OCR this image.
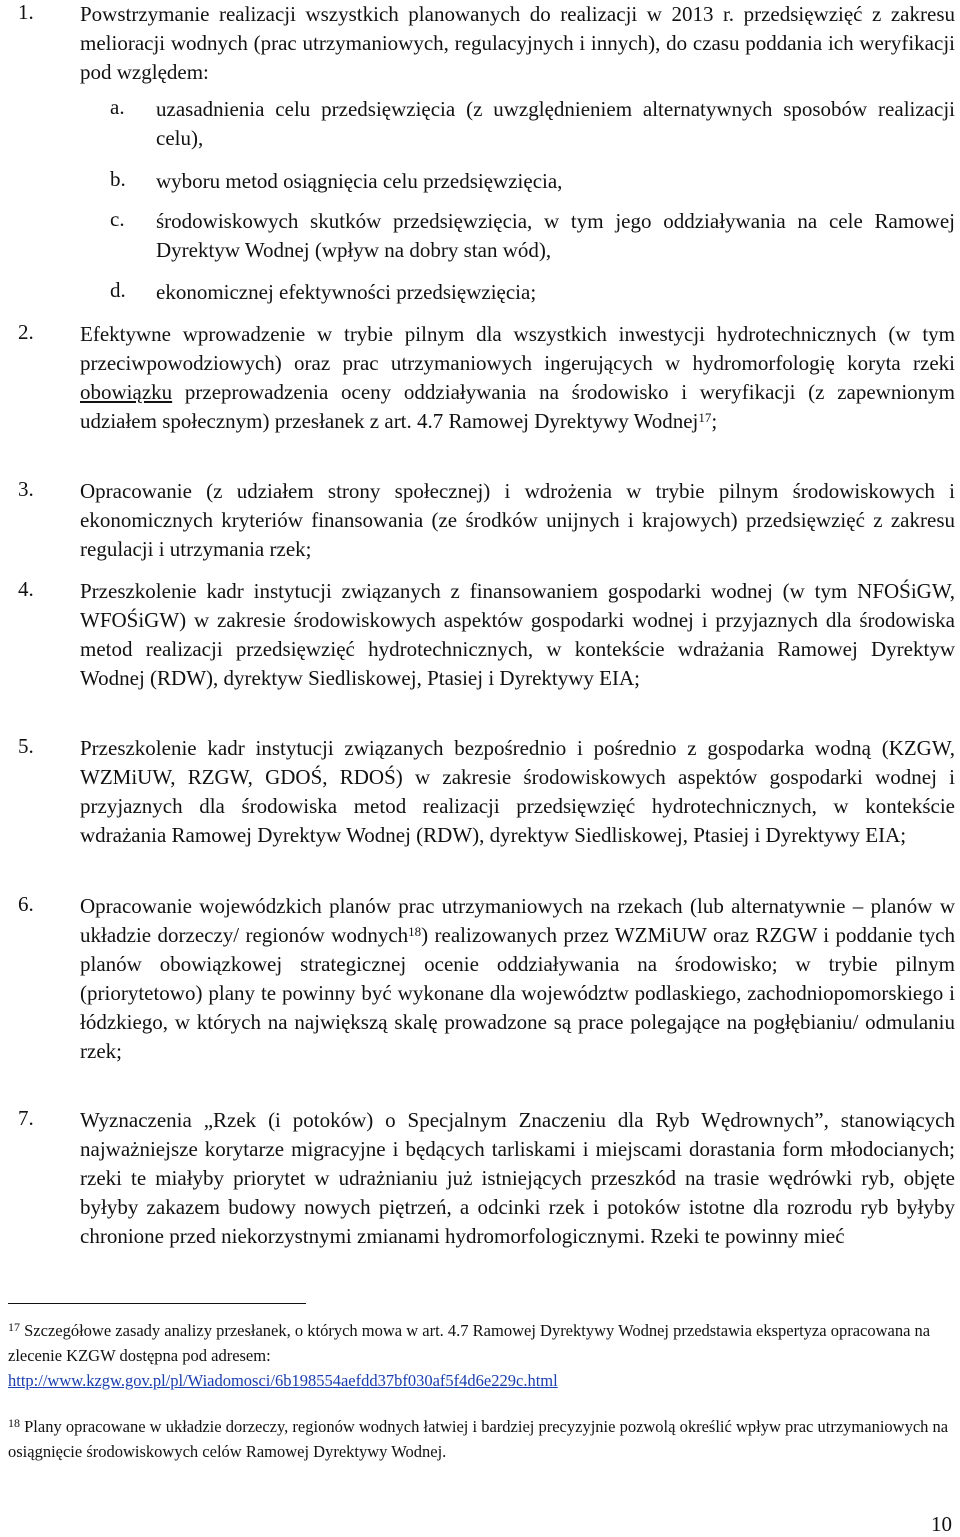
1.	Powstrzymanie realizacji wszystkich planowanych do realizacji w 2013 r. przedsięwzięć z zakresu melioracji wodnych (prac utrzymaniowych, regulacyjnych i innych), do czasu poddania ich weryfikacji pod względem:
a. uzasadnienia celu przedsięwzięcia (z uwzględnieniem alternatywnych sposobów realizacji celu),
b. wyboru metod osiągnięcia celu przedsięwzięcia,
c. środowiskowych skutków przedsięwzięcia, w tym jego oddziaływania na cele Ramowej Dyrektyw Wodnej (wpływ na dobry stan wód),
d. ekonomicznej efektywności przedsięwzięcia;
2.	Efektywne wprowadzenie w trybie pilnym dla wszystkich inwestycji hydrotechnicznych (w tym przeciwpowodziowych) oraz prac utrzymaniowych ingerujących w hydromorfologię koryta rzeki obowiązku przeprowadzenia oceny oddziaływania na środowisko i weryfikacji (z zapewnionym udziałem społecznym) przesłanek z art. 4.7 Ramowej Dyrektywy Wodnej$^{17}$;
3.	Opracowanie (z udziałem strony społecznej) i wdrożenia w trybie pilnym środowiskowych i ekonomicznych kryteriów finansowania (ze środków unijnych i krajowych) przedsięwzięć z zakresu regulacji i utrzymania rzek;
4.	Przeszkolenie kadr instytucji związanych z finansowaniem gospodarki wodnej (w tym NFOŚiGW, WFOŚiGW) w zakresie środowiskowych aspektów gospodarki wodnej i przyjaznych dla środowiska metod realizacji przedsięwzięć hydrotechnicznych, w kontekście wdrażania Ramowej Dyrektyw Wodnej (RDW), dyrektyw Siedliskowej, Ptasiej i Dyrektywy EIA;
5.	Przeszkolenie kadr instytucji związanych bezpośrednio i pośrednio z gospodarka wodną (KZGW, WZMiUW, RZGW, GDOŚ, RDOŚ) w zakresie środowiskowych aspektów gospodarki wodnej i przyjaznych dla środowiska metod realizacji przedsięwzięć hydrotechnicznych, w kontekście wdrażania Ramowej Dyrektyw Wodnej (RDW), dyrektyw Siedliskowej, Ptasiej i Dyrektywy EIA;
6.	Opracowanie wojewódzkich planów prac utrzymaniowych na rzekach (lub alternatywnie – planów w układzie dorzeczy/ regionów wodnych$^{18}$) realizowanych przez WZMiUW oraz RZGW i poddanie tych planów obowiązkowej strategicznej ocenie oddziaływania na środowisko; w trybie pilnym (priorytetowo) plany te powinny być wykonane dla województw podlaskiego, zachodniopomorskiego i łódzkiego, w których na największą skalę prowadzone są prace polegające na pogłębianiu/ odmulaniu rzek;
7.	Wyznaczenia „Rzek (i potoków) o Specjalnym Znaczeniu dla Ryb Wędrownych”, stanowiących najważniejsze korytarze migracyjne i będących tarliskami i miejscami dorastania form młodocianych; rzeki te miałyby priorytet w udrażnianiu już istniejących przeszkód na trasie wędrówki ryb, objęte byłyby zakazem budowy nowych piętrzeń, a odcinki rzek i potoków istotne dla rozrodu ryb byłyby chronione przed niekorzystnymi zmianami hydromorfologicznymi. Rzeki te powinny mieć
$^{17}$ Szczegółowe zasady analizy przesłanek, o których mowa w art. 4.7 Ramowej Dyrektywy Wodnej przedstawia ekspertyza opracowana na zlecenie KZGW dostępna pod adresem:
http://www.kzgw.gov.pl/pl/Wiadomosci/6b198554aefdd37bf030af5f4d6e229c.html
$^{18}$ Plany opracowane w układzie dorzeczy, regionów wodnych łatwiej i bardziej precyzyjnie pozwolą określić wpływ prac utrzymaniowych na osiągnięcie środowiskowych celów Ramowej Dyrektywy Wodnej.
10
